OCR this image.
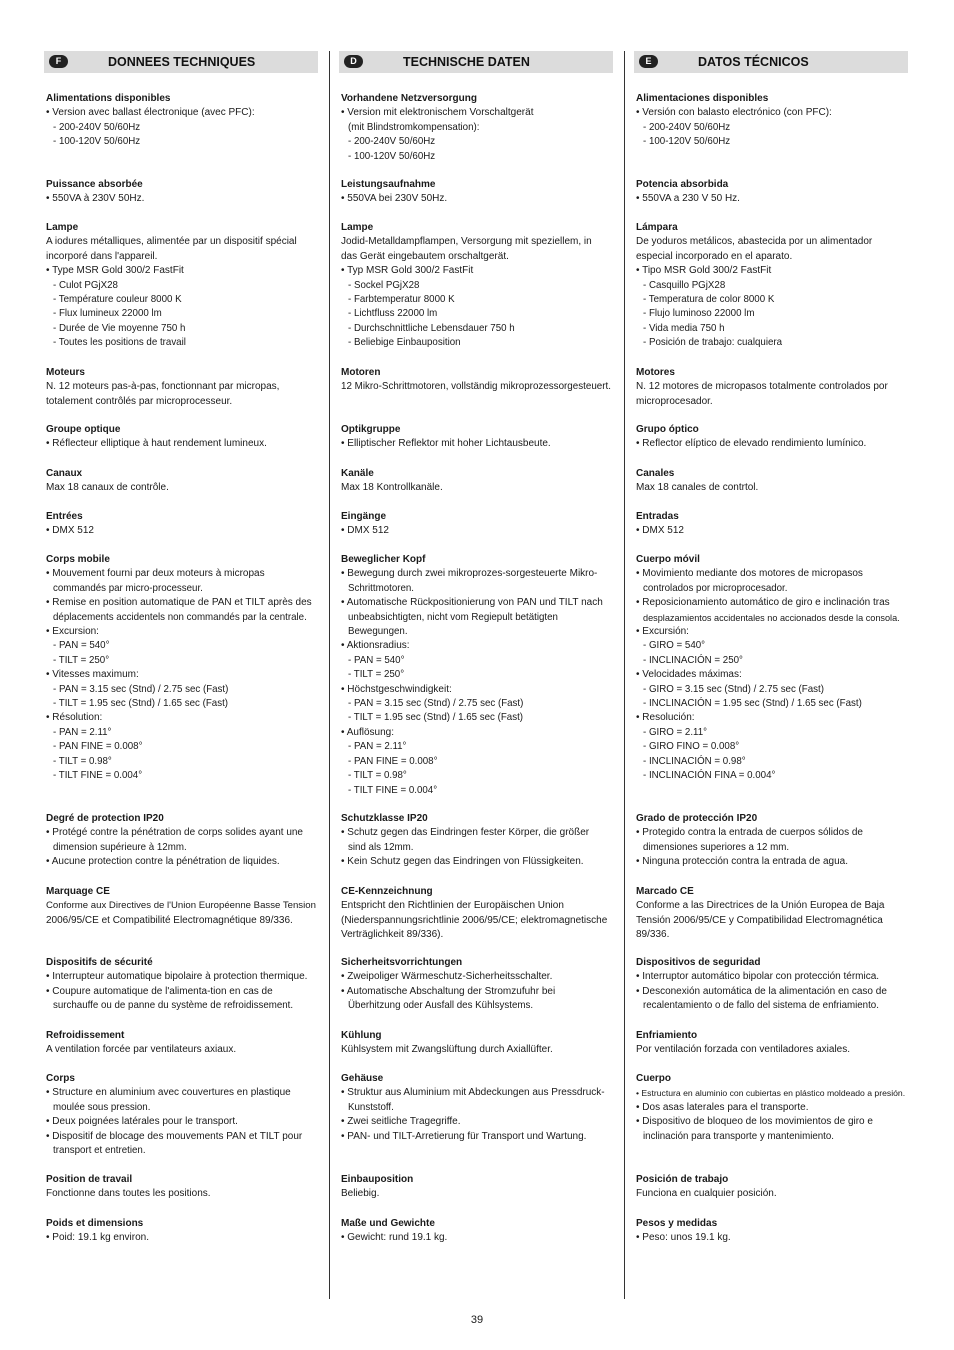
F	DONNEES TECHNIQUES
Alimentations disponibles
• Version avec ballast électronique (avec PFC):
- 200-240V 50/60Hz
- 100-120V 50/60Hz
Puissance absorbée
• 550VA à 230V 50Hz.
Lampe
A iodures métalliques, alimentée par un dispositif spécial
incorporé dans l'appareil.
• Type MSR Gold 300/2 FastFit
- Culot PGjX28
- Température couleur 8000 K
- Flux lumineux 22000 lm
- Durée de Vie moyenne 750 h
- Toutes les positions de travail
Moteurs
N. 12 moteurs pas-à-pas, fonctionnant par micropas,
totalement contrôlés par microprocesseur.
Groupe optique
• Réflecteur elliptique à haut rendement lumineux.
Canaux
Max 18 canaux de contrôle.
Entrées
• DMX 512
Corps mobile
• Mouvement fourni par deux moteurs à micropas
commandés par micro-processeur.
• Remise en position automatique de PAN et TILT après des
déplacements accidentels non commandés par la centrale.
• Excursion:
- PAN = 540°
- TILT = 250°
• Vitesses maximum:
- PAN = 3.15 sec (Stnd) / 2.75 sec (Fast)
- TILT = 1.95 sec (Stnd) / 1.65 sec (Fast)
• Résolution:
- PAN = 2.11°
- PAN FINE = 0.008°
- TILT = 0.98°
- TILT FINE = 0.004°
Degré de protection IP20
• Protégé contre la pénétration de corps solides ayant une
dimension supérieure à 12mm.
• Aucune protection contre la pénétration de liquides.
Marquage CE
Conforme aux Directives de l'Union Européenne Basse Tension
2006/95/CE et Compatibilité Electromagnétique 89/336.
Dispositifs de sécurité
• Interrupteur automatique bipolaire à protection thermique.
• Coupure automatique de l'alimenta-tion en cas de
surchauffe ou de panne du système de refroidissement.
Refroidissement
A ventilation forcée par ventilateurs axiaux.
Corps
• Structure en aluminium avec couvertures en plastique
moulée sous pression.
• Deux poignées latérales pour le transport.
• Dispositif de blocage des mouvements PAN et TILT pour
transport et entretien.
Position de travail
Fonctionne dans toutes les positions.
Poids et dimensions
• Poid: 19.1 kg environ.
D	TECHNISCHE DATEN
Vorhandene Netzversorgung
• Version mit elektronischem Vorschaltgerät
(mit Blindstromkompensation):
- 200-240V 50/60Hz
- 100-120V 50/60Hz
Leistungsaufnahme
• 550VA bei 230V 50Hz.
Lampe
Jodid-Metalldampflampen, Versorgung mit speziellem, in
das Gerät eingebautem orschaltgerät.
• Typ MSR Gold 300/2 FastFit
- Sockel PGjX28
- Farbtemperatur 8000 K
- Lichtfluss 22000 lm
- Durchschnittliche Lebensdauer 750 h
- Beliebige Einbauposition
Motoren
12 Mikro-Schrittmotoren, vollständig mikroprozessorgesteuert.
Optikgruppe
• Elliptischer Reflektor mit hoher Lichtausbeute.
Kanäle
Max 18 Kontrollkanäle.
Eingänge
• DMX 512
Beweglicher Kopf
• Bewegung durch zwei mikroprozes-sorgesteuerte Mikro-
Schrittmotoren.
• Automatische Rückpositionierung von PAN und TILT nach
unbeabsichtigten, nicht vom Regiepult betätigten
Bewegungen.
• Aktionsradius:
- PAN = 540°
- TILT = 250°
• Höchstgeschwindigkeit:
- PAN = 3.15 sec (Stnd) / 2.75 sec (Fast)
- TILT = 1.95 sec (Stnd) / 1.65 sec (Fast)
• Auflösung:
- PAN = 2.11°
- PAN FINE = 0.008°
- TILT = 0.98°
- TILT FINE = 0.004°
Schutzklasse IP20
• Schutz gegen das Eindringen fester Körper, die größer
sind als 12mm.
• Kein Schutz gegen das Eindringen von Flüssigkeiten.
CE-Kennzeichnung
Entspricht den Richtlinien der Europäischen Union
(Niederspannungsrichtlinie 2006/95/CE; elektromagnetische
Verträglichkeit 89/336).
Sicherheitsvorrichtungen
• Zweipoliger Wärmeschutz-Sicherheitsschalter.
• Automatische Abschaltung der Stromzufuhr bei
Überhitzung oder Ausfall des Kühlsystems.
Kühlung
Kühlsystem mit Zwangslüftung durch Axiallüfter.
Gehäuse
• Struktur aus Aluminium mit Abdeckungen aus Pressdruck-
Kunststoff.
• Zwei seitliche Tragegriffe.
• PAN- und TILT-Arretierung für Transport und Wartung.
Einbauposition
Beliebig.
Maße und Gewichte
• Gewicht: rund 19.1 kg.
E	DATOS TÉCNICOS
Alimentaciones disponibles
• Versión con balasto electrónico (con PFC):
- 200-240V 50/60Hz
- 100-120V 50/60Hz
Potencia absorbida
• 550VA a 230 V 50 Hz.
Lámpara
De yoduros metálicos, abastecida por un alimentador
especial incorporado en el aparato.
• Tipo MSR Gold 300/2 FastFit
- Casquillo PGjX28
- Temperatura de color 8000 K
- Flujo luminoso 22000 lm
- Vida media 750 h
- Posición de trabajo: cualquiera
Motores
N. 12 motores de micropasos totalmente controlados por
microprocesador.
Grupo óptico
• Reflector elíptico de elevado rendimiento lumínico.
Canales
Max 18 canales de contrtol.
Entradas
• DMX 512
Cuerpo móvil
• Movimiento mediante dos motores de micropasos
controlados por microprocesador.
• Reposicionamiento automático de giro e inclinación tras
desplazamientos accidentales no accionados desde la consola.
• Excursión:
- GIRO = 540°
- INCLINACIÓN = 250°
• Velocidades máximas:
- GIRO = 3.15 sec (Stnd) / 2.75 sec (Fast)
- INCLINACIÓN = 1.95 sec (Stnd) / 1.65 sec (Fast)
• Resolución:
- GIRO = 2.11°
- GIRO FINO = 0.008°
- INCLINACIÓN = 0.98°
- INCLINACIÓN FINA = 0.004°
Grado de protección IP20
• Protegido contra la entrada de cuerpos sólidos de
dimensiones superiores a 12 mm.
• Ninguna protección contra la entrada de agua.
Marcado CE
Conforme a las Directrices de la Unión Europea de Baja
Tensión 2006/95/CE y Compatibilidad Electromagnética
89/336.
Dispositivos de seguridad
• Interruptor automático bipolar con protección térmica.
• Desconexión automática de la alimentación en caso de
recalentamiento o de fallo del sistema de enfriamiento.
Enfriamiento
Por ventilación forzada con ventiladores axiales.
Cuerpo
• Estructura en aluminio con cubiertas en plástico moldeado a presión.
• Dos asas laterales para el transporte.
• Dispositivo de bloqueo de los movimientos de giro e
inclinación para transporte y mantenimiento.
Posición de trabajo
Funciona en cualquier posición.
Pesos y medidas
• Peso: unos 19.1 kg.
39
